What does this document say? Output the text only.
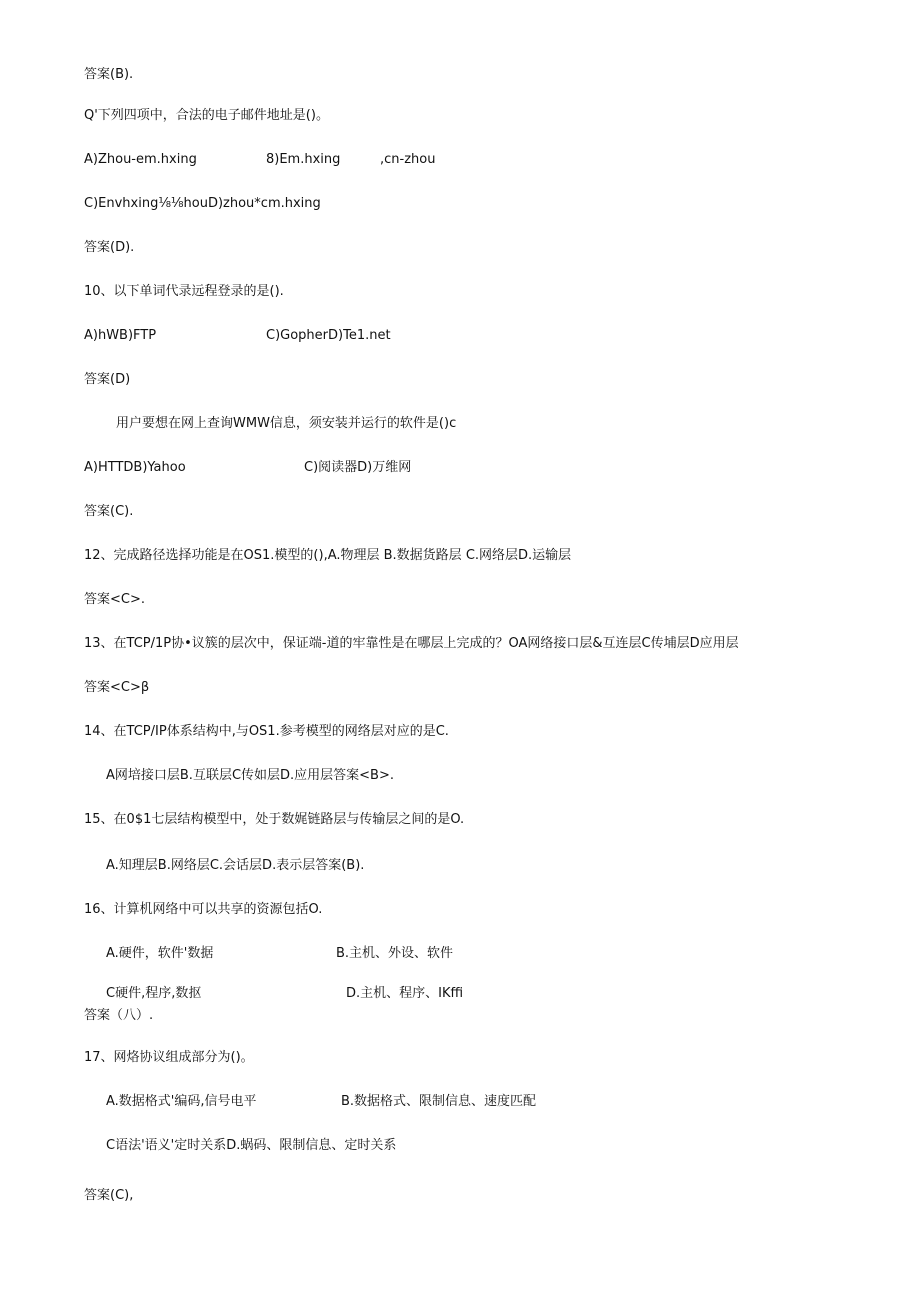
答案(B).
Q'下列四项中，合法的电子邮件地址是()。
A)Zhou-em.hxing	8)Em.hxing	,cn-zhou
C)Envhxing⅛⅛houD)zhou*cm.hxing
答案(D).
10、以下单词代录远程登录的是().
A)hWB)FTP	C)GopherD)Te1.net
答案(D)
用户要想在网上查询WMW信息，须安装并运行的软件是()c
A)HTTDB)Yahoo	C)阅读器D)万维网
答案(C).
12、完成路径选择功能是在OS1.模型的(),A.物理层 B.数据货路层 C.网络层D.运输层
答案<C>.
13、在TCP/1P协•议簇的层次中，保证端-道的牢靠性是在哪层上完成的？OA网络接口层&互连层C传埔层D应用层
答案<C>β
14、在TCP/IP体系结构中,与OS1.参考模型的网络层对应的是C.
A网培接口层B.互联层C传如层D.应用层答案<B>.
15、在0$1七层结构模型中，处于数娓链路层与传输层之间的是O.
A.知理层B.网络层C.会话层D.表示层答案(B).
16、计算机网络中可以共享的资源包括O.
A.硬件，软件'数据	B.主机、外设、软件
C硬件,程序,数抠	D.主机、程序、IKffi
答案（八）.
17、网烙协议组成部分为()。
A.数据格式'编码,信号电平	B.数据格式、限制信息、速度匹配
C语法'语义'定时关系D.蜗码、限制信息、定时关系
答案(C),
